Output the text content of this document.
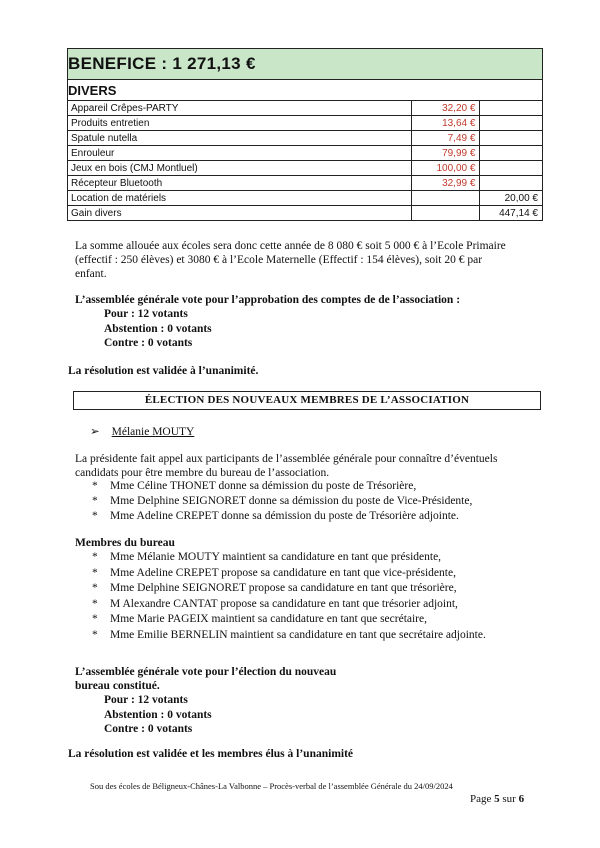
BENEFICE : 1 271,13 €		
DIVERS		
Appareil Crêpes-PARTY	32,20 €	
Produits entretien	13,64 €	
Spatule nutella	7,49 €	
Enrouleur	79,99 €	
Jeux en bois (CMJ Montluel)	100,00 €	
Récepteur Bluetooth	32,99 €	
Location de matériels		20,00 €
Gain divers		447,14 €
La somme allouée aux écoles sera donc cette année de 8 080 € soit 5 000 € à l’Ecole Primaire
(effectif : 250 élèves) et 3080 € à l’Ecole Maternelle (Effectif : 154 élèves), soit 20 € par
enfant.
L’assemblée générale vote pour l’approbation des comptes de de l’association :
Pour : 12 votants
Abstention : 0 votants
Contre : 0 votants
La résolution est validée à l’unanimité.
ÉLECTION DES NOUVEAUX MEMBRES DE L’ASSOCIATION
➢ Mélanie MOUTY
La présidente fait appel aux participants de l’assemblée générale pour connaître d’éventuels
candidats pour être membre du bureau de l’association.
* Mme Céline THONET donne sa démission du poste de Trésorière,
* Mme Delphine SEIGNORET donne sa démission du poste de Vice-Présidente,
* Mme Adeline CREPET donne sa démission du poste de Trésorière adjointe.
Membres du bureau
* Mme Mélanie MOUTY maintient sa candidature en tant que présidente,
* Mme Adeline CREPET propose sa candidature en tant que vice-présidente,
* Mme Delphine SEIGNORET propose sa candidature en tant que trésorière,
* M Alexandre CANTAT propose sa candidature en tant que trésorier adjoint,
* Mme Marie PAGEIX maintient sa candidature en tant que secrétaire,
* Mme Emilie BERNELIN maintient sa candidature en tant que secrétaire adjointe.
L’assemblée générale vote pour l’élection du nouveau
bureau constitué.
Pour : 12 votants
Abstention : 0 votants
Contre : 0 votants
La résolution est validée et les membres élus à l’unanimité
Sou des écoles de Béligneux-Chânes-La Valbonne – Procès-verbal de l’assemblée Générale du 24/09/2024
Page 5 sur 6
